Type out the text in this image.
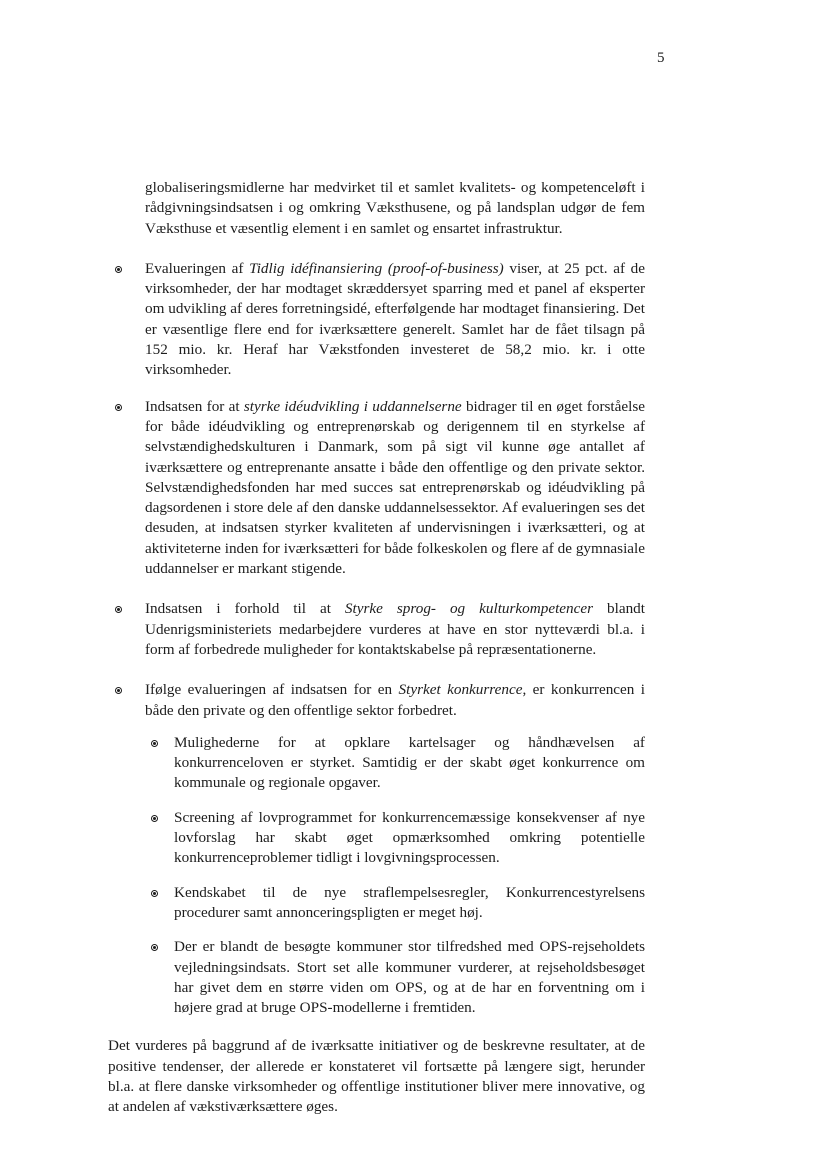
5

globaliseringsmidlerne har medvirket til et samlet kvalitets- og kompetenceløft i rådgivningsindsatsen i og omkring Væksthusene, og på landsplan udgør de fem Væksthuse et væsentlig element i en samlet og ensartet infrastruktur.

Evalueringen af Tidlig idéfinansiering (proof-of-business) viser, at 25 pct. af de virksomheder, der har modtaget skræddersyet sparring med et panel af eksperter om udvikling af deres forretningsidé, efterfølgende har modtaget finansiering. Det er væsentlige flere end for iværksættere generelt. Samlet har de fået tilsagn på 152 mio. kr. Heraf har Vækstfonden investeret de 58,2 mio. kr. i otte virksomheder.
Indsatsen for at styrke idéudvikling i uddannelserne bidrager til en øget forståelse for både idéudvikling og entreprenørskab og derigennem til en styrkelse af selvstændighedskulturen i Danmark, som på sigt vil kunne øge antallet af iværksættere og entreprenante ansatte i både den offentlige og den private sektor. Selvstændighedsfonden har med succes sat entreprenørskab og idéudvikling på dagsordenen i store dele af den danske uddannelsessektor. Af evalueringen ses det desuden, at indsatsen styrker kvaliteten af undervisningen i iværksætteri, og at aktiviteterne inden for iværksætteri for både folkeskolen og flere af de gymnasiale uddannelser er markant stigende.
Indsatsen i forhold til at Styrke sprog- og kulturkompetencer blandt Udenrigsministeriets medarbejdere vurderes at have en stor nytteværdi bl.a. i form af forbedrede muligheder for kontaktskabelse på repræsentationerne.
Ifølge evalueringen af indsatsen for en Styrket konkurrence, er konkurrencen i både den private og den offentlige sektor forbedret.
Mulighederne for at opklare kartelsager og håndhævelsen af konkurrenceloven er styrket. Samtidig er der skabt øget konkurrence om kommunale og regionale opgaver.
Screening af lovprogrammet for konkurrencemæssige konsekvenser af nye lovforslag har skabt øget opmærksomhed omkring potentielle konkurrenceproblemer tidligt i lovgivningsprocessen.
Kendskabet til de nye straflempelsesregler, Konkurrencestyrelsens procedurer samt annonceringspligten er meget høj.
Der er blandt de besøgte kommuner stor tilfredshed med OPS-rejseholdets vejledningsindsats. Stort set alle kommuner vurderer, at rejseholdsbesøget har givet dem en større viden om OPS, og at de har en forventning om i højere grad at bruge OPS-modellerne i fremtiden.

Det vurderes på baggrund af de iværksatte initiativer og de beskrevne resultater, at de positive tendenser, der allerede er konstateret vil fortsætte på længere sigt, herunder bl.a. at flere danske virksomheder og offentlige institutioner bliver mere innovative, og at andelen af vækstiværksættere øges.
